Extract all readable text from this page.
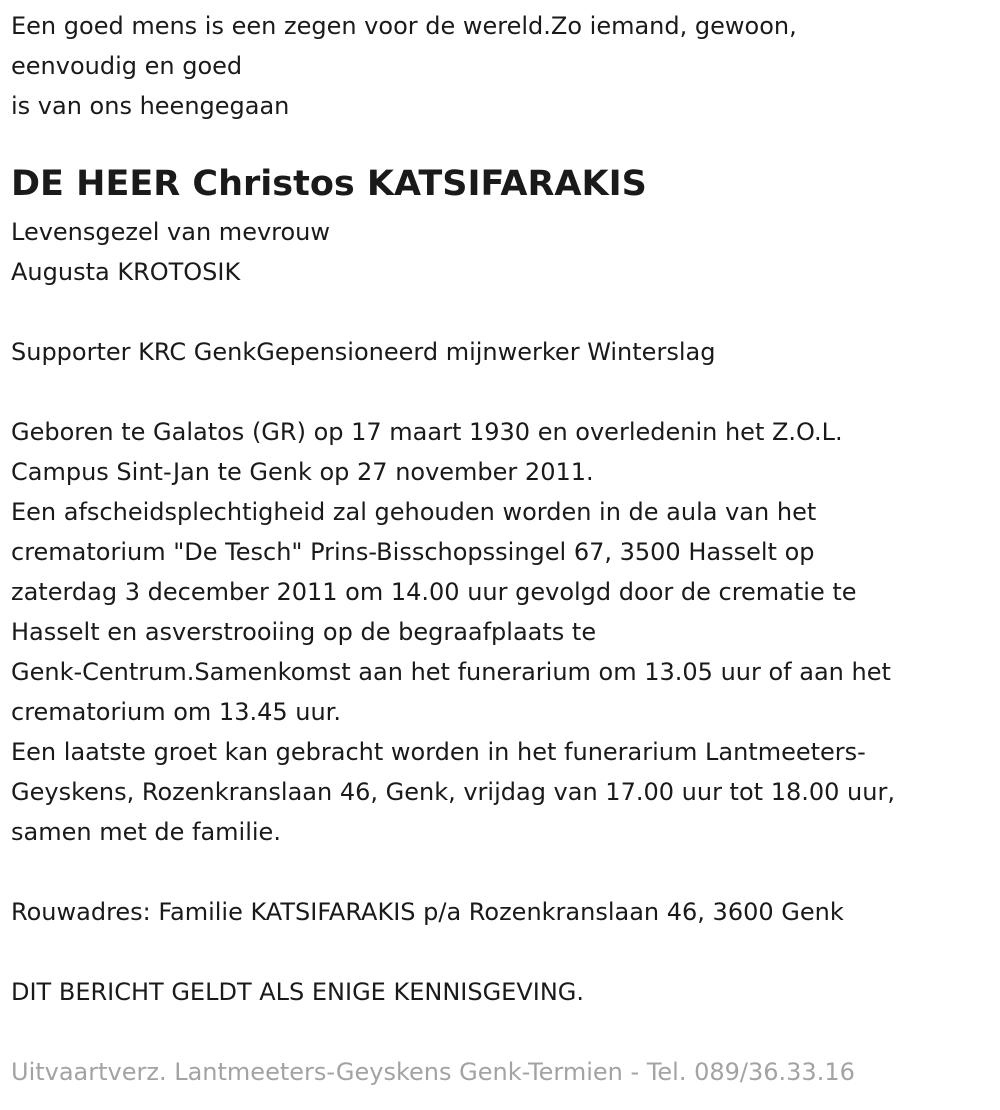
Een goed mens is een zegen voor de wereld.Zo iemand, gewoon,
eenvoudig en goed
is van ons heengegaan
DE HEER Christos KATSIFARAKIS
Levensgezel van mevrouw
Augusta KROTOSIK
Supporter KRC GenkGepensioneerd mijnwerker Winterslag
Geboren te Galatos (GR) op 17 maart 1930 en overledenin het Z.O.L.
Campus Sint-Jan te Genk op 27 november 2011.
Een afscheidsplechtigheid zal gehouden worden in de aula van het
crematorium "De Tesch" Prins-Bisschopssingel 67, 3500 Hasselt op
zaterdag 3 december 2011 om 14.00 uur gevolgd door de crematie te
Hasselt en asverstrooiing op de begraafplaats te
Genk-Centrum.Samenkomst aan het funerarium om 13.05 uur of aan het
crematorium om 13.45 uur.
Een laatste groet kan gebracht worden in het funerarium Lantmeeters-
Geyskens, Rozenkranslaan 46, Genk, vrijdag van 17.00 uur tot 18.00 uur,
samen met de familie.
Rouwadres: Familie KATSIFARAKIS p/a Rozenkranslaan 46, 3600 Genk
DIT BERICHT GELDT ALS ENIGE KENNISGEVING.
Uitvaartverz. Lantmeeters-Geyskens Genk-Termien - Tel. 089/36.33.16
